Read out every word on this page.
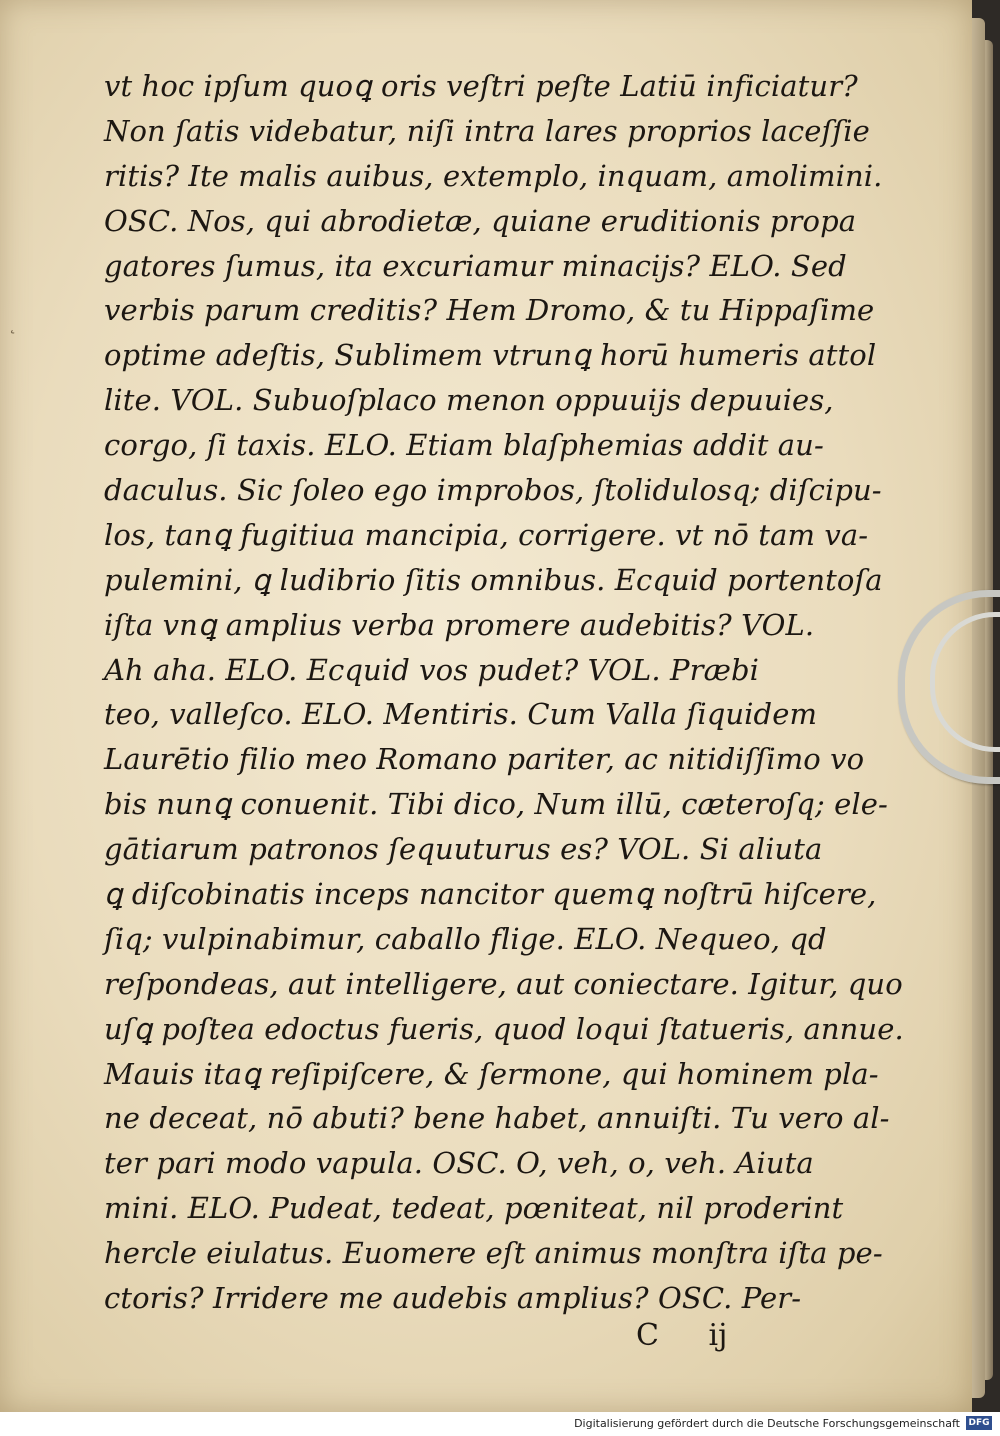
˛
vt hoc ipſum quoꝗ oris veſtri peſte Latiū inficiatur?
Non ſatis videbatur, niſi intra lares proprios laceſſie
ritis? Ite malis auibus, extemplo, inquam, amolimini.
OSC. Nos, qui abrodietæ, quiane eruditionis propa
gatores ſumus, ita excuriamur minacijs? ELO. Sed
verbis parum creditis? Hem Dromo, & tu Hippaſime
optime adeſtis, Sublimem vtrunꝗ horū humeris attol
lite. VOL. Subuoſplaco menon oppuuijs depuuies,
corgo, ſi taxis. ELO. Etiam blaſphemias addit au-
daculus. Sic ſoleo ego improbos, ſtolidulosq; diſcipu-
los, tanꝗ fugitiua mancipia, corrigere. vt nō tam va-
pulemini, ꝗ ludibrio ſitis omnibus. Ecquid portentoſa
iſta vnꝗ amplius verba promere audebitis? VOL.
Ah aha. ELO. Ecquid vos pudet? VOL. Præbi
teo, valleſco. ELO. Mentiris. Cum Valla ſiquidem
Laurētio filio meo Romano pariter, ac nitidiſſimo vo
bis nunꝗ conuenit. Tibi dico, Num illū, cæteroſq; ele-
gātiarum patronos ſequuturus es? VOL. Si aliuta
ꝗ diſcobinatis inceps nancitor quemꝗ noſtrū hiſcere,
ſiq; vulpinabimur, caballo flige. ELO. Nequeo, qd
reſpondeas, aut intelligere, aut coniectare. Igitur, quo
uſꝗ poſtea edoctus fueris, quod loqui ſtatueris, annue.
Mauis itaꝗ reſipiſcere, & ſermone, qui hominem pla-
ne deceat, nō abuti? bene habet, annuiſti. Tu vero al-
ter pari modo vapula. OSC. O, veh, o, veh. Aiuta
mini. ELO. Pudeat, tedeat, pœniteat, nil proderint
hercle eiulatus. Euomere eſt animus monſtra iſta pe-
ctoris? Irridere me audebis amplius? OSC. Per-
C ij
Digitalisierung gefördert durch die Deutsche Forschungsgemeinschaft DFG
